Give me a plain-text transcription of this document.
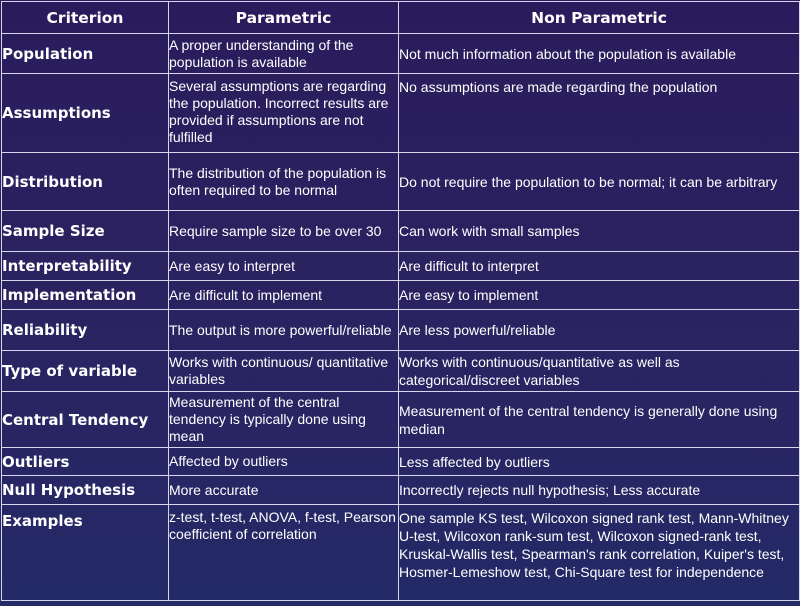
Criterion	Parametric	Non Parametric
Population	A proper understanding of the population is available	Not much information about the population is available
Assumptions	Several assumptions are regarding the population. Incorrect results are provided if assumptions are not fulfilled	No assumptions are made regarding the population
Distribution	The distribution of the population is often required to be normal	Do not require the population to be normal; it can be arbitrary
Sample Size	Require sample size to be over 30	Can work with small samples
Interpretability	Are easy to interpret	Are difficult to interpret
Implementation	Are difficult to implement	Are easy to implement
Reliability	The output is more powerful/reliable	Are less powerful/reliable
Type of variable	Works with continuous/ quantitative variables	Works with continuous/quantitative as well as categorical/discreet variables
Central Tendency	Measurement of the central tendency is typically done using mean	Measurement of the central tendency is generally done using median
Outliers	Affected by outliers	Less affected by outliers
Null Hypothesis	More accurate	Incorrectly rejects null hypothesis; Less accurate
Examples	z-test, t-test, ANOVA, f-test, Pearson coefficient of correlation	One sample KS test, Wilcoxon signed rank test, Mann-Whitney U-test, Wilcoxon rank-sum test, Wilcoxon signed-rank test, Kruskal-Wallis test, Spearman's rank correlation, Kuiper's test, Hosmer-Lemeshow test, Chi-Square test for independence
